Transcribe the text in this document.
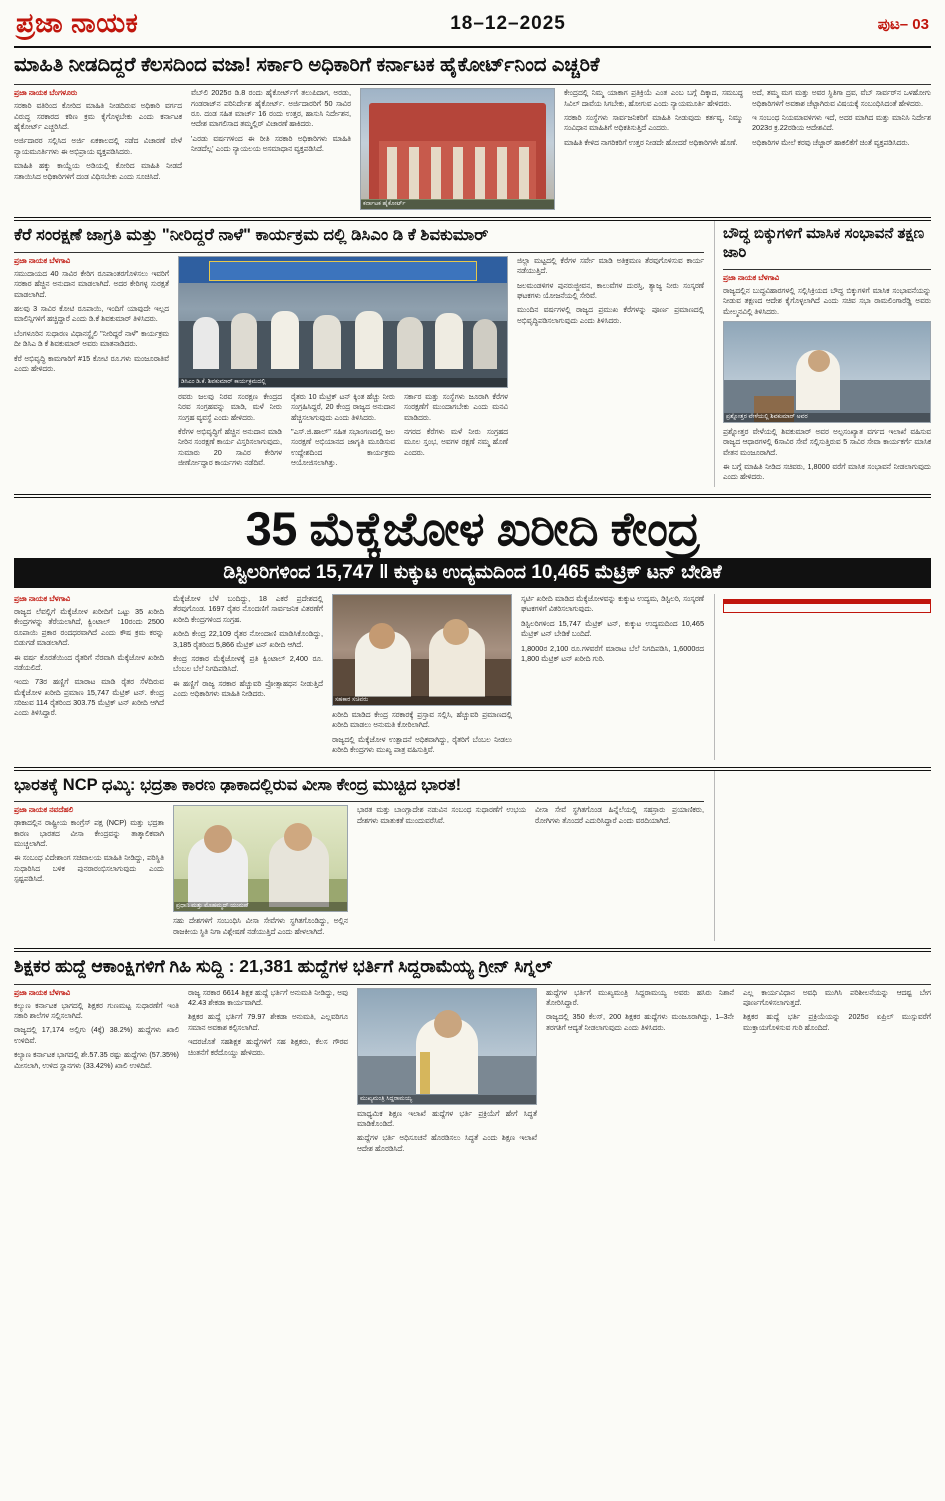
ಪ್ರಜಾ ನಾಯಕ	18–12–2025	ಪುಟ– 03
ಮಾಹಿತಿ ನೀಡದಿದ್ದರೆ ಕೆಲಸದಿಂದ ವಜಾ! ಸರ್ಕಾರಿ ಅಧಿಕಾರಿಗೆ ಕರ್ನಾಟಕ ಹೈಕೋರ್ಟ್‌ನಿಂದ ಎಚ್ಚರಿಕೆ
ಪ್ರಜಾ ನಾಯಕ ಬೆಂಗಳೂರು

ಸರಕಾರಿ ವತಿರಿಂದ ಕೋರಿದ ಮಾಹಿತಿ ನೀಡದಿರುವ ಅಧಿಕಾರಿ ವರ್ಗದ ವಿರುದ್ಧ ಸರಕಾರದ ಕಠಿಣ ಕ್ರಮ ಕೈಗೊಳ್ಳಬೇಕು ಎಂದು ಕರ್ನಾಟಕ ಹೈಕೋರ್ಟ್ ಎಚ್ಚರಿಸಿದೆ.

ಅರ್ಜಿದಾರರ ಸಲ್ಲಿಸಿದ ಅರ್ಜಿ ಏಕಕಾಲದಲ್ಲಿ ನಡೆದ ವಿಚಾರಣೆ ವೇಳೆ ನ್ಯಾಯಮೂರ್ತಿಗಳು ಈ ಅಭಿಪ್ರಾಯ ವ್ಯಕ್ತಪಡಿಸಿದರು.

ಮಾಹಿತಿ ಹಕ್ಕು ಕಾಯ್ದೆಯ ಅಡಿಯಲ್ಲಿ ಕೋರಿದ ಮಾಹಿತಿ ನೀಡದೆ ಸತಾಯಿಸಿದ ಅಧಿಕಾರಿಗಳಿಗೆ ದಂಡ ವಿಧಿಸಬೇಕು ಎಂದು ಸೂಚಿಸಿದೆ.

ವೆಬ್‌ಲಿ 2025ರ ಡಿ.8 ರಂದು ಹೈಕೋರ್ಟ್‌ಗೆ ತಲುಪಿದಾಗ, ಅರಡು, ಗಂಡರಾಜ್‌ನ ಪರಿನಿರ್ದೇಶ ಹೈಕೋರ್ಟ್. ಅರ್ಜಿದಾರರಿಗೆ 50 ಸಾವಿರ ರೂ. ದಂಡ ಸಹಿತ ಮಾರ್ಚ್‌ 16 ರಂದು ಉತ್ತರ, ಹಾಸುಸಿ ನಿರ್ದೇಶನ, ಆದೇಶ ಮಾಗಲಿಸಾದ ತಮ್ಮಲ್ಲಿರ್ ವಿಚಾರಣೆ ಹಾಕಿದರು.

'ಎರಡು ವರ್ಷಗಳಿಂದ ಈ ರೀತಿ ಸರಕಾರಿ ಅಧಿಕಾರಿಗಳು ಮಾಹಿತಿ ನೀಡದೆಲ್ಲ' ಎಂದು ನ್ಯಾಯಲಯ ಅಸಮಾಧಾನ ವ್ಯಕ್ತಪಡಿಸಿದೆ.

ಕರ್ನಾಟಕ ಹೈಕೋರ್ಟ್

ಕೇಂದ್ರದಲ್ಲಿ ನಿಮ್ಮ ಯಾಕಾಗ ಪ್ರತಿಕ್ರಿಯೆ ಎಂತ ಎಂಬ ಬಗ್ಗೆ ದಿಕ್ಕಾದ, ಸಮಬದ್ಧ ಸಿವಿಲ್‌ ದಾವೆಯ ಸಿಗಬೇಕು, ಹೋಗುವ ಎಂದು ನ್ಯಾಯಮೂರ್ತಿ ಹೇಳಿದರು.

ಸರಕಾರಿ ಸಂಸ್ಥೆಗಳು ಸಾರ್ವಜನಿಕರಿಗೆ ಮಾಹಿತಿ ನೀಡುವುದು ಕರ್ತವ್ಯ, ನಿಮ್ಮು ಸಂವಿಧಾನ ಮಾಹಿತಿಗೆ ಅಧಿಕತಿಸುತ್ತಿದೆ ಎಂದರು.

ಮಾಹಿತಿ ಕೇಳಿದ ನಾಗರಿಕರಿಗೆ ಉತ್ತರ ನೀಡದೇ ಹೋದರೆ ಅಧಿಕಾರಿಗಳೇ ಹೊಣೆ.

ಅದೆ, ತಮ್ಮ ಮಗ ಮತ್ತು ಅವರ ಸ್ಥಿತಿಗಾ ದ್ರವ, ವೆಬ್ ಸಾರ್ವರ್‌ನ ಒಳಹೋಗು ಅಧಿಕಾರಿಗಳಿಗೆ ಅವಕಾಶ ಚೆಟ್ಟಾಗಿರುವ ವಿಷಯಕ್ಕೆ ಸಂಬಂಧಿಸಿದಂತೆ ಹೇಳಿದರು.

ಇ ಸಂಬಂಧ ನಿಯಮಾವಳಿಗಳು ಇದೆ, ಅದರ ಮಾಗಿದ ಮತ್ತು ಮಾನಿಸಿ ನಿರ್ದೇಶ 2023ರ ಕ್ರ.22ರಡಿಯ ಆದೇಶವಿದೆ.

ಅಧಿಕಾರಿಗಳ ಮೇಲೆ ಕರವು ಚೆಜ್ಜಾರ್‌ ಹಾಕಲಿಕೆಗೆ ಚಿಂತೆ ವ್ಯಕ್ತಪಡಿಸಿದರು.

ಕೆರೆ ಸಂರಕ್ಷಣೆ ಜಾಗ್ರತಿ ಮತ್ತು "ನೀರಿದ್ದರೆ ನಾಳೆ" ಕಾರ್ಯಕ್ರಮ ದಲ್ಲಿ ಡಿಸಿಎಂ ಡಿ ಕೆ ಶಿವಕುಮಾರ್
ಪ್ರಜಾ ನಾಯಕ ಬೆಳಗಾವಿ

ಸಮುದಾಯದ 40 ಸಾವಿರ ಕೇರಿಗ ರೂಪಾಂತರಗೊಳಿಸಲು ಇವರಿಗೆ ಸರಕಾರ ಹೆಚ್ಚಿನ ಅನುದಾನ ಮಾಡಲಾಗಿದೆ. ಅದರ ಕೇರಿಗಳ್ಳ ಸುರಕ್ಷತೆ ಮಾಡಲಾಗಿದೆ.

ಹಲವು 3 ಸಾವಿರ ಕೋಟಿ ರೂಪಾಯಿ, ಇಂದಿಗೆ ಯಾವುದೇ ಇಲ್ಲದ ಮಾಲಿನ್ಸಿಗಳಿಗೆ ಹಚ್ಚಿದ್ದಾರೆ ಎಂದು ಡಿ.ಕೆ ಶಿವಕುಮಾರ್ ತಿಳಿಸಿದರು.

ಬೆಂಗಳೂರಿನ ಸುಧಾರಣ ವಿಧಾನಸ್ಥೈಲಿ "ನೀರಿದ್ದರೆ ನಾಳೆ" ಕಾರ್ಯಕ್ರಮ ದೀ ಡಿಸಿಎ ಡಿ ಕೆ ಶಿವಕುಮಾರ್ ಅವರು ಮಾತನಾಡಿದರು.

ಕೆರೆ ಅಭಿವೃದ್ಧಿ ಕಾಮಗಾರಿಗೆ #15 ಕೋಟಿ ರೂ.ಗಳು ಮಂಜೂರಾತಿವೆ ಎಂದು ಹೇಳಿದರು.

ಡಿಸಿಎಂ ಡಿ.ಕೆ. ಶಿವಕುಮಾರ್ ಕಾರ್ಯಕ್ರಮದಲ್ಲಿ

ರವರು ಜಲವು ನಿರವ ಸಂರಕ್ಷಣ ಕೇಂದ್ರದ ನಿರವ ಸಂಗ್ರಹವನ್ನು ಮಾಡಿ, ಮಳೆ ನೀರು ಸಂಗ್ರಹ ವ್ಯವಸ್ಥೆ ಎಂದು ಹೇಳಿದರು.

ಕೆರೆಗಳ ಅಭಿವೃದ್ಧಿಗೆ ಹೆಚ್ಚಿನ ಅನುದಾನ ಮಾಡಿ ನೀರಿನ ಸಂರಕ್ಷಣೆ ಕಾರ್ಯ ವಿಸ್ತರಿಸಲಾಗುವುದು, ಸುಮಾರು 20 ಸಾವಿರ ಕೇರಿಗಳ ಜೀರ್ಣೋದ್ಧಾರ ಕಾರ್ಯಗಳು ನಡೆದಿವೆ.

ರೈತರು 10 ಮೆಟ್ರಿಕ್ ಟನ್‌ ಕ್ಕಿಂತ ಹೆಚ್ಚು ನೀರು ಸಂಗ್ರಹಿಸಿದ್ದರೆ, 20 ಕೇಂದ್ರ ರಾಜ್ಯದ ಅನುದಾನ ಹೆಚ್ಚಿಸಲಾಗುವುದು ಎಂದು ತಿಳಿಸಿದರು.

"ಎಸ್.ಜಿ.ಹಾಲ್‌" ಸಹಿತ ಸಭಾಂಗಣದಲ್ಲಿ ಜಲ ಸಂರಕ್ಷಣೆ ಅಭಿಯಾನದ ಜಾಗೃತಿ ಮೂಡಿಸುವ ಉದ್ದೇಶದಿಂದ ಕಾರ್ಯಕ್ರಮ ಆಯೋಜಿಸಲಾಗಿತ್ತು.

ಸರ್ಕಾರ ಮತ್ತು ಸಂಸ್ಥೆಗಳು ಜೂರಾಗಿ ಕೆರೆಗಳ ಸಂರಕ್ಷಣೆಗೆ ಮುಂದಾಗಬೇಕು ಎಂದು ಮನವಿ ಮಾಡಿದರು.

ನಗರದ ಕೆರೆಗಳು ಮಳೆ ನೀರು ಸಂಗ್ರಹದ ಮೂಲ ಸ್ತಂಭ, ಅವಗಳ ರಕ್ಷಣೆ ನಮ್ಮ ಹೊಣೆ ಎಂದರು.

ಜಿಲ್ಲಾ ಮಟ್ಟದಲ್ಲಿ ಕೆರೆಗಳ ಸರ್ವೇ ಮಾಡಿ ಅತಿಕ್ರಮಣ ತೆರವುಗೊಳಿಸುವ ಕಾರ್ಯ ನಡೆಯುತ್ತಿದೆ.

ಜಲಮಂಡಳಿಗಳ ಪುನರುಜ್ಜೀವನ, ಕಾಲುವೆಗಳ ದುರಸ್ತಿ, ತ್ಯಾಜ್ಯ ನೀರು ಸಂಸ್ಕರಣೆ ಘಟಕಗಳು ಯೋಜನೆಯಲ್ಲಿ ಸೇರಿವೆ.

ಮುಂದಿನ ವರ್ಷಗಳಲ್ಲಿ ರಾಜ್ಯದ ಪ್ರಮುಖ ಕೆರೆಗಳನ್ನು ಪೂರ್ಣ ಪ್ರಮಾಣದಲ್ಲಿ ಅಭಿವೃದ್ಧಿಪಡಿಸಲಾಗುವುದು ಎಂದು ತಿಳಿಸಿದರು.

ಬೌದ್ಧ ಬಿಕ್ಕುಗಳಿಗೆ ಮಾಸಿಕ ಸಂಭಾವನೆ ತಕ್ಷಣ ಜಾರಿ
ಪ್ರಜಾ ನಾಯಕ ಬೆಳಗಾವಿ

ರಾಜ್ಯದಲ್ಲಿನ ಬುದ್ಧವಿಹಾರಗಳಲ್ಲಿ ಸಲ್ಲಿಸಿಕ್ರಿಯದ ಬೌದ್ಧ ಬಿಕ್ಕುಗಳಿಗೆ ಮಾಸಿಕ ಸಂಭಾವನೆಯನ್ನು ನೀಡುವ ತಕ್ಷಣದ ಆದೇಶ ಕೈಗೊಳ್ಳಲಾಗಿದೆ ಎಂದು ಸಚಿವ ಸಭಾ ರಾಮಲಿಂಗಾರೆಡ್ಡಿ ಅವರು ಮೇಲ್ಮನವಿಲ್ಲಿ ತಿಳಿಸಿದರು.

ಪ್ರಶ್ನೋತ್ತರ ವೇಳೆಯಲ್ಲಿ ಶಿವಕುಮಾರ್ ಅವರ

ಪ್ರಶ್ನೋತ್ತರ ವೇಳೆಯಲ್ಲಿ ಶಿವಕುಮಾರ್ ಅವರ ಅಲ್ಪಸಂಖ್ಯಾತ ವರ್ಗದ ಇಲಾಖೆ ವಹಿಸುವ ರಾಜ್ಯದ ಆಧಾರಗಳಲ್ಲಿ 6ಸಾವಿರ ಸೇವೆ ಸಲ್ಲಿಸುತ್ತಿರುವ 5 ಸಾವಿರ ಸೇವಾ ಕಾರ್ಯಕರ್ಗೆ ಮಾಸಿಕ ವೇತನ ಮಂಜೂರಾಗಿದೆ.

ಈ ಬಗ್ಗೆ ಮಾಹಿತಿ ನೀಡಿದ ಸಚಿವರು, 1,8000 ವರೆಗೆ ಮಾಸಿಕ ಸಂಭಾವನೆ ನೀಡಲಾಗುವುದು ಎಂದು ಹೇಳಿದರು.

35 ಮೆಕ್ಕೆಜೋಳ ಖರೀದಿ ಕೇಂದ್ರ
ಡಿಸ್ಟಿಲರಿಗಳಿಂದ 15,747 ‖ ಕುಕ್ಕುಟ ಉದ್ಯಮದಿಂದ 10,465 ಮೆಟ್ರಿಕ್ ಟನ್ ಬೇಡಿಕೆ
ಪ್ರಜಾ ನಾಯಕ ಬೆಳಗಾವಿ

ರಾಜ್ಯದ ಲೆವಲ್ಲಿಗೆ ಮೆಕ್ಕೆಜೋಳ ಖರೀದಿಗೆ ಒಟ್ಟು 35 ಖರೀದಿ ಕೇಂದ್ರಗಳನ್ನು ತೆರೆಯಲಾಗಿದೆ, ಕ್ವಿಂಟಾಲ್ ‌ 10ರಂದು 2500 ರೂಪಾಯಿ ಪ್ರಕಾರ ರಂದಧರವಾಗಿದೆ ಎಂದು ಕೌಷ ಕ್ರಮ ಕರನ್ನು ಬಿಡುಗಡೆ ಮಾಡಲಾಗಿದೆ.

ಈ ವರ್ಷ ಕೊರತೆಯಿಂದ ರೈತರಿಗೆ ನೆರವಾಗಿ ಮೆಕ್ಕೆಜೋಳ ಖರೀದಿ ನಡೆಯಲಿದೆ.

ಇಂದು 73ರ ಹಣ್ಣಿಗೆ ಮಾರಾಟ ಮಾಡಿ ರೈತರ ಸೆಳೆದಿರುವ ಮೆಕ್ಕೆಜೋಳ ಖರೀದಿ ಪ್ರಮಾಣ 15,747 ಮೆಟ್ರಿಕ್ ಟನ್. ಕೇಂದ್ರ ಸರಿಜುವ 114 ರೈತರಿಂದ 303.75 ಮೆಟ್ರಿಕ್ ಟನ್ ಖರೀದಿ ಆಗಿದೆ ಎಂದು ತಿಳಿಸಿದ್ದಾರೆ.

ಮೆಕ್ಕೆಜೋಳ ಬೆಳೆ ಬಂದಿದ್ದು, 18 ಎಕರೆ ಪ್ರದೇಶದಲ್ಲಿ ತೆರವುಗೊಂಡ. 1697 ರೈತರ ನೊಂದಣಿಗೆ ಸಾರ್ವಜನಿಕ ವಿತರಣೆಗೆ ಖರೀದಿ ಕೇಂದ್ರಗಳಿಂದ ಸಂಗ್ರಹ.

ಖರೀದಿ ಕೇಂದ್ರ 22,109 ರೈತರ ನೋಂದಾಣಿ ಮಾಡಿಸಿಕೊಂಡಿದ್ದು, 3,185 ರೈತರಿಂದ 5,866 ಮೆಟ್ರಿಕ್ ಟನ್ ಖರೀದಿ ಆಗಿದೆ.

ಕೇಂದ್ರ ಸರಕಾರ ಮೆಕ್ಕೆಜೋಳಕ್ಕೆ ಪ್ರತಿ ಕ್ವಿಂಟಾಲ್ 2,400 ರೂ. ಬೆಂಬಲ ಬೆಲೆ ನಿಗದಿಪಡಿಸಿದೆ.

ಈ ಹಣ್ಣಿಗೆ ರಾಜ್ಯ ಸರಕಾರ ಹೆಚ್ಚುವರಿ ಪ್ರೋತ್ಸಾಹಧನ ನೀಡುತ್ತಿದೆ ಎಂದು ಅಧಿಕಾರಿಗಳು ಮಾಹಿತಿ ನೀಡಿದರು.

ಸಹಕಾರ ಸಚಿವರು

ಖರೀದಿ ಮಾಡಿದ ಕೇಂದ್ರ ಸರಕಾರಕ್ಕೆ ಪ್ರಸ್ತಾವ ಸಲ್ಲಿಸಿ, ಹೆಚ್ಚುವರಿ ಪ್ರಮಾಣದಲ್ಲಿ ಖರೀದಿ ಮಾಡಲು ಅನುಮತಿ ಕೋರಿಲಾಗಿದೆ.

ರಾಜ್ಯದಲ್ಲಿ ಮೆಕ್ಕೆಜೋಳ ಉತ್ಪಾದನೆ ಅಧಿಕವಾಗಿದ್ದು, ರೈತರಿಗೆ ಬೆಂಬಲ ನೀಡಲು ಖರೀದಿ ಕೇಂದ್ರಗಳು ಮುಖ್ಯ ಪಾತ್ರ ವಹಿಸುತ್ತಿವೆ.

ಸ್ಕರ್ಟಿ ಖರೀದಿ ಮಾಡಿದ ಮೆಕ್ಕೆಜೋಳವನ್ನು ಕುಕ್ಕುಟ ಉದ್ಯಮ, ಡಿಸ್ಟಿಲರಿ, ಸಂಸ್ಕರಣೆ ಘಟಕಗಳಿಗೆ ವಿತರಿಸಲಾಗುವುದು.

ಡಿಸ್ಟಿಲರಿಗಳಿಂದ 15,747 ಮೆಟ್ರಿಕ್ ಟನ್, ಕುಕ್ಕುಟ ಉದ್ಯಮದಿಂದ 10,465 ಮೆಟ್ರಿಕ್ ಟನ್ ಬೇಡಿಕೆ ಬಂದಿದೆ.

1,8000ರ 2,100 ರೂ.ಗಳವರೆಗೆ ಮಾರಾಟ ಬೆಲೆ ನಿಗದಿಪಡಿಸಿ, 1,6000ರದ 1,800 ಮೆಟ್ರಿಕ್ ಟನ್ ಖರೀದಿ ಗುರಿ.

ಭಾರತಕ್ಕೆ NCP ಧಮ್ಕಿ: ಭದ್ರತಾ ಕಾರಣ ಢಾಕಾದಲ್ಲಿರುವ ವೀಸಾ ಕೇಂದ್ರ ಮುಚ್ಟಿದ ಭಾರತ!
ಪ್ರಜಾ ನಾಯಕ ನವದೆಹಲಿ

ಢಾಕಾದಲ್ಲಿನ ರಾಷ್ಟ್ರೀಯ ಕಾಂಗ್ರೆಸ್ ಪಕ್ಷ (NCP) ಮತ್ತು ಭದ್ರತಾ ಕಾರಣ ಭಾರತದ ವೀಸಾ ಕೇಂದ್ರವನ್ನು ತಾತ್ಕಾಲಿಕವಾಗಿ ಮುಚ್ಚಲಾಗಿದೆ.

ಈ ಸಂಬಂಧ ವಿದೇಶಾಂಗ ಸಚಿವಾಲಯ ಮಾಹಿತಿ ನೀಡಿದ್ದು, ಪರಿಸ್ಥಿತಿ ಸುಧಾರಿಸಿದ ಬಳಿಕ ಪುನರಾರಂಭಿಸಲಾಗುವುದು ಎಂದು ಸ್ಪಷ್ಟಪಡಿಸಿದೆ.

ಪ್ರಧಾನಿ ಮತ್ತು ಮೊಹಮ್ಮದ್ ಯುನುಸ್

ಸಹು ದೇಶಗಳಿಗೆ ಸಂಬಂಧಿಸಿ ವೀಸಾ ಸೇವೆಗಳು ಸ್ಥಗಿತಗೊಂಡಿದ್ದು, ಅಲ್ಲಿನ ರಾಜಕೀಯ ಸ್ಥಿತಿ ನಿಗಾ ವಿಶ್ಲೇಷಣೆ ನಡೆಯುತ್ತಿದೆ ಎಂದು ಹೇಳಲಾಗಿದೆ.

ಭಾರತ ಮತ್ತು ಬಾಂಗ್ಲಾದೇಶ ನಡುವಿನ ಸಂಬಂಧ ಸುಧಾರಣೆಗೆ ಉಭಯ ದೇಶಗಳು ಮಾತುಕತೆ ಮುಂದುವರೆಸಿವೆ.

ವೀಸಾ ಸೇವೆ ಸ್ಥಗಿತಗೊಂಡ ಹಿನ್ನೆಲೆಯಲ್ಲಿ ಸಹಸ್ರಾರು ಪ್ರಯಾಣಿಕರು, ರೋಗಿಗಳು ತೊಂದರೆ ಎದುರಿಸಿದ್ದಾರೆ ಎಂದು ವರದಿಯಾಗಿದೆ.

ಶಿಕ್ಷಕರ ಹುದ್ದೆ ಆಕಾಂಕ್ಷಿಗಳಿಗೆ ಗಿಹಿ ಸುದ್ದಿ : 21,381 ಹುದ್ದೆಗಳ ಭರ್ತಿಗೆ ಸಿದ್ದರಾಮೆಯ್ಯ ಗ್ರೀನ್ ಸಿಗ್ನಲ್
ಪ್ರಜಾ ನಾಯಕ ಬೆಳಗಾವಿ

ಕಲ್ಯುಣ ಕರ್ನಾಟಕ ಭಾಗದಲ್ಲಿ ಶಿಕ್ಷಕರ ಗುಣಮಟ್ಟ ಸುಧಾರಣೆಗೆ ಇಂತಿ ಸಕಾರಿ ಶಾಲೆಗಳ ಸಲ್ಲಿಸಲಾಗಿದೆ.

ರಾಜ್ಯದಲ್ಲಿ 17,174 ಅಲ್ಲಿಗು (4ಕ್ಕೆ) 38.2%) ಹುದ್ದೆಗಳು ಖಾಲಿ ಉಳಿದಿವೆ.

ಕಲ್ಯಾಣ ಕರ್ನಾಟಕ ಭಾಗದಲ್ಲಿ ಶೇ.57.35 ರಷ್ಟು ಹುದ್ದೆಗಳು (57.35%) ಮೀಸಲಾಗಿ, ಉಳಿದ ಸ್ಥಾನಗಳು (33.42%) ಖಾಲಿ ಉಳಿದಿವೆ.

ರಾಜ್ಯ ಸರಕಾರ 6614 ಶಿಕ್ಷಕ ಹುದ್ದೆ ಭರ್ತಿಗೆ ಅನುಮತಿ ನೀಡಿದ್ದು, ಅವು 42.43 ಶೇಕಡಾ ಕಾರ್ಯವಾಗಿದೆ.

ಶಿಕ್ಷಕರ ಹುದ್ದೆ ಭರ್ತಿಗೆ 79.97 ಶೇಕಡಾ ಅನುಮತಿ, ಎಲ್ಲವರಿಗೂ ಸಮಾನ ಅವಕಾಶ ಕಲ್ಪಿಸಲಾಗಿದೆ.

ಇದರಜೊತೆ ಸಹಶಿಕ್ಷಕ ಹುದ್ದೆಗಳಿಗೆ ಸಹ ಶಿಕ್ಷಕರು, ಕೆಲಸ ಗೌರವ ಚಿಂತನೆಗೆ ಕರೆದೊಯ್ದು ಹೇಳಿದರು.

ಮುಖ್ಯಮಂತ್ರಿ ಸಿದ್ದರಾಮಯ್ಯ

ಮಾಧ್ಯಮಿಕ ಶಿಕ್ಷಣ ಇಲಾಖೆ ಹುದ್ದೆಗಳ ಭರ್ತಿ ಪ್ರಕ್ರಿಯೆಗೆ ಹೇಗೆ ಸಿದ್ಧತೆ ಮಾಡಿಕೊಂಡಿದೆ.

ಹುದ್ದೆಗಳ ಭರ್ತಿ ಅಧಿಸೂಚನೆ ಹೊರಡಿಸಲು ಸಿದ್ಧತೆ ಎಂದು ಶಿಕ್ಷಣ ಇಲಾಖೆ ಆದೇಶ ಹೊರಡಿಸಿದೆ.

ಹುದ್ದೆಗಳ ಭರ್ತಿಗೆ ಮುಖ್ಯಮಂತ್ರಿ ಸಿದ್ದರಾಮಯ್ಯ ಅವರು ಹಸಿರು ನಿಶಾನೆ ತೋರಿಸಿದ್ದಾರೆ.

ರಾಜ್ಯದಲ್ಲಿ 350 ಕೆಲಸ್‌, 200 ಶಿಕ್ಷಕರ ಹುದ್ದೆಗಳು ಮಂಜೂರಾಗಿದ್ದು, 1–3ನೇ ತರಗತಿಗೆ ಆದ್ಯತೆ ನೀಡಲಾಗುವುದು ಎಂದು ತಿಳಿಸಿದರು.

ಎಲ್ಲ ಕಾರ್ಯವಿಧಾನ ಅವಧಿ ಮುಗಿಸಿ ಪರಿಶೀಲನೆಯನ್ನು ಆದಷ್ಟ ಬೇಗ ಪೂರ್ಣಗೊಳಿಸಲಾಗುತ್ತದೆ.

ಶಿಕ್ಷಕರ ಹುದ್ದೆ ಭರ್ತಿ ಪ್ರಕ್ರಿಯೆಯನ್ನು 2025ರ ಏಪ್ರಿಲ್ ಮುಸ್ಸುವರೆಗೆ ಮುಕ್ತಾಯಗೊಳಿಸುವ ಗುರಿ ಹೊಂದಿದೆ.
